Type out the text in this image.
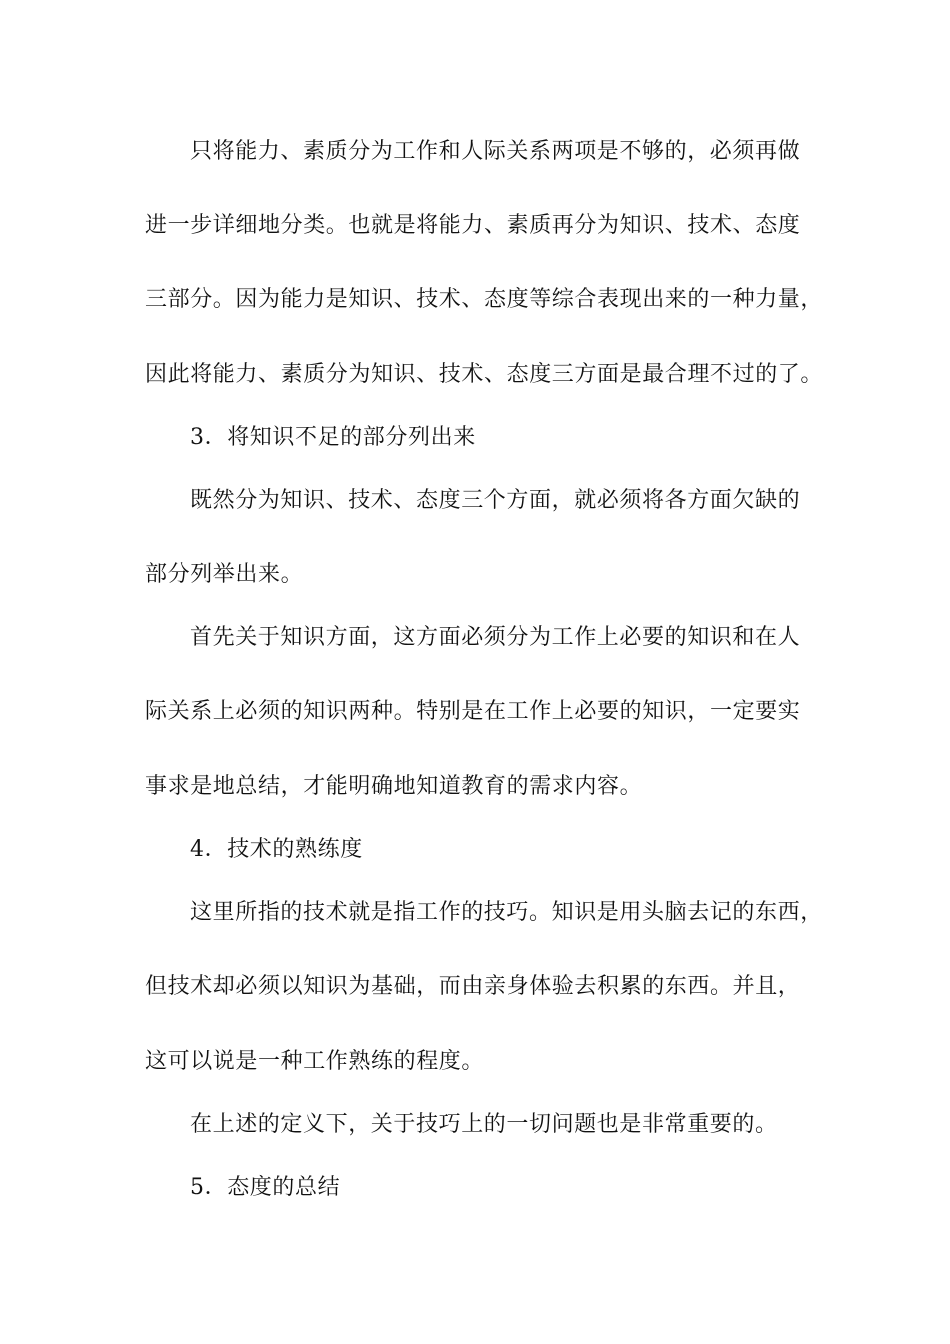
只将能力、素质分为工作和人际关系两项是不够的，必须再做
进一步详细地分类。也就是将能力、素质再分为知识、技术、态度
三部分。因为能力是知识、技术、态度等综合表现出来的一种力量，
因此将能力、素质分为知识、技术、态度三方面是最合理不过的了。
3．将知识不足的部分列出来
既然分为知识、技术、态度三个方面，就必须将各方面欠缺的
部分列举出来。
首先关于知识方面，这方面必须分为工作上必要的知识和在人
际关系上必须的知识两种。特别是在工作上必要的知识，一定要实
事求是地总结，才能明确地知道教育的需求内容。
4．技术的熟练度
这里所指的技术就是指工作的技巧。知识是用头脑去记的东西，
但技术却必须以知识为基础，而由亲身体验去积累的东西。并且，
这可以说是一种工作熟练的程度。
在上述的定义下，关于技巧上的一切问题也是非常重要的。
5．态度的总结
